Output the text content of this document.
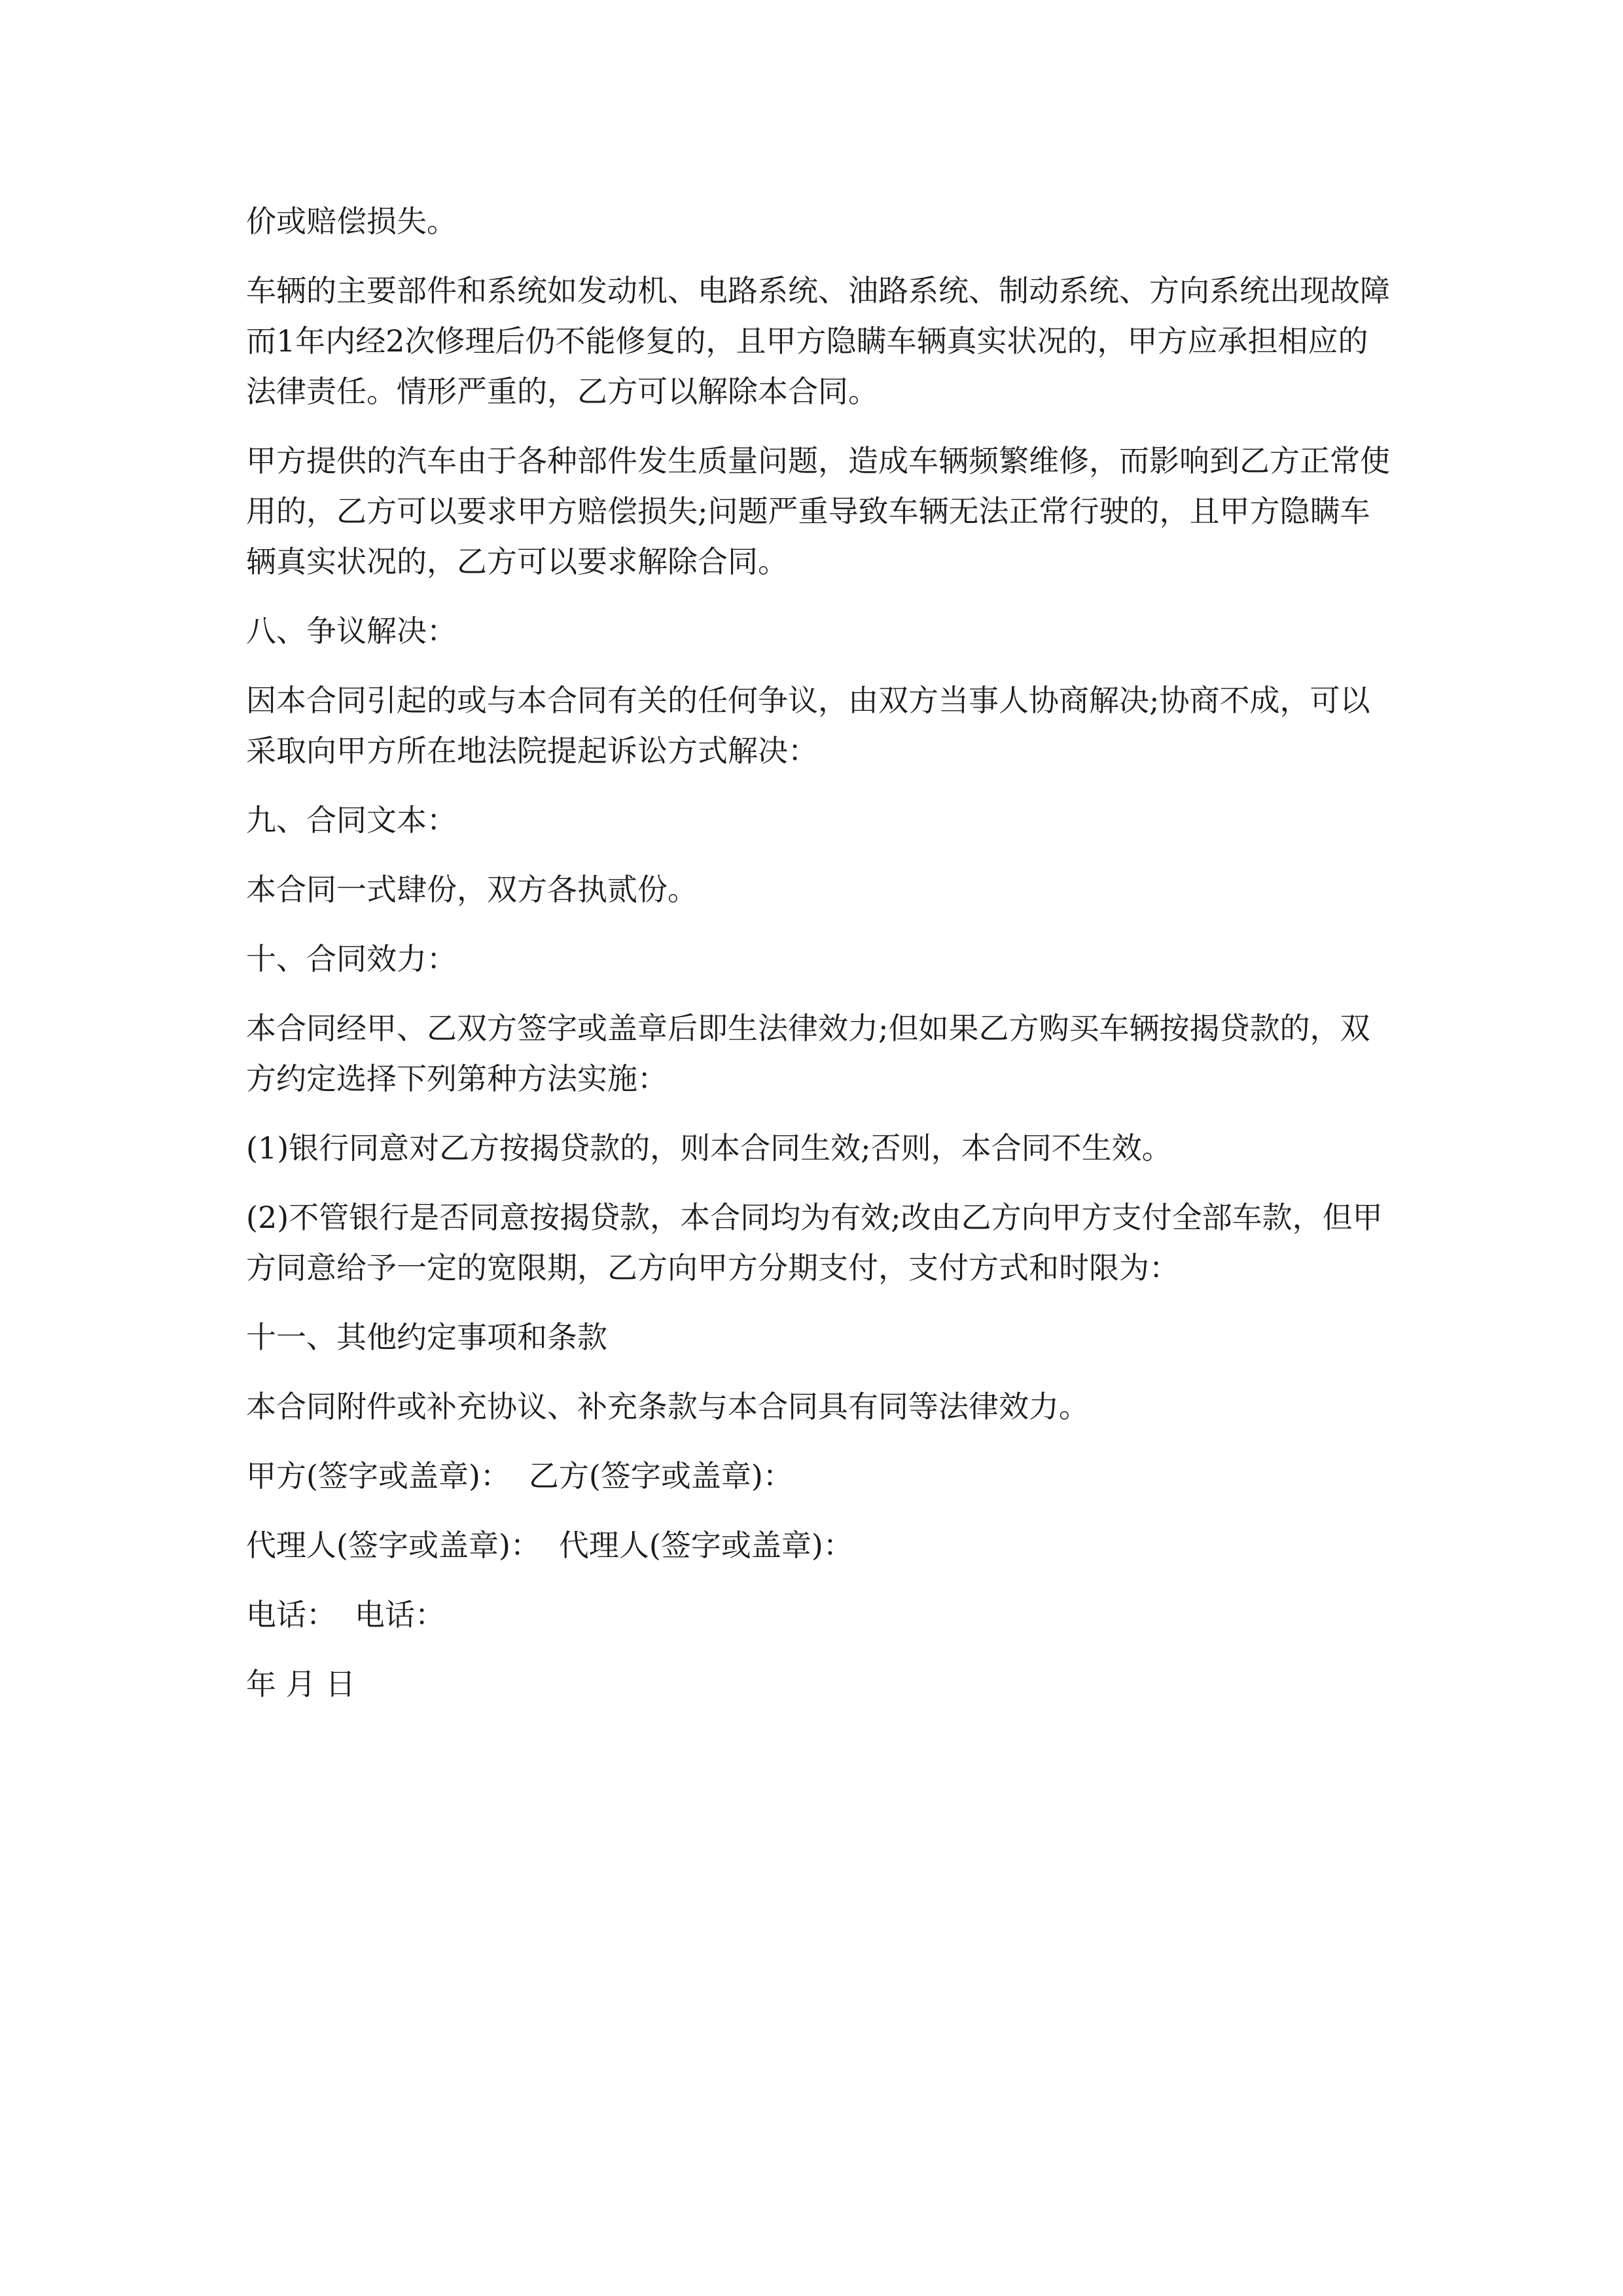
价或赔偿损失。

车辆的主要部件和系统如发动机、电路系统、油路系统、制动系统、方向系统出现故障而1年内经2次修理后仍不能修复的，且甲方隐瞒车辆真实状况的，甲方应承担相应的法律责任。情形严重的，乙方可以解除本合同。

甲方提供的汽车由于各种部件发生质量问题，造成车辆频繁维修，而影响到乙方正常使用的，乙方可以要求甲方赔偿损失;问题严重导致车辆无法正常行驶的，且甲方隐瞒车辆真实状况的，乙方可以要求解除合同。

八、争议解决：

因本合同引起的或与本合同有关的任何争议，由双方当事人协商解决;协商不成，可以采取向甲方所在地法院提起诉讼方式解决：

九、合同文本：

本合同一式肆份，双方各执贰份。

十、合同效力：

本合同经甲、乙双方签字或盖章后即生法律效力;但如果乙方购买车辆按揭贷款的，双方约定选择下列第种方法实施：

(1)银行同意对乙方按揭贷款的，则本合同生效;否则，本合同不生效。

(2)不管银行是否同意按揭贷款，本合同均为有效;改由乙方向甲方支付全部车款，但甲方同意给予一定的宽限期，乙方向甲方分期支付，支付方式和时限为：

十一、其他约定事项和条款

本合同附件或补充协议、补充条款与本合同具有同等法律效力。

甲方(签字或盖章)： 乙方(签字或盖章)：
代理人(签字或盖章)： 代理人(签字或盖章)：
电话： 电话：
年 月 日
